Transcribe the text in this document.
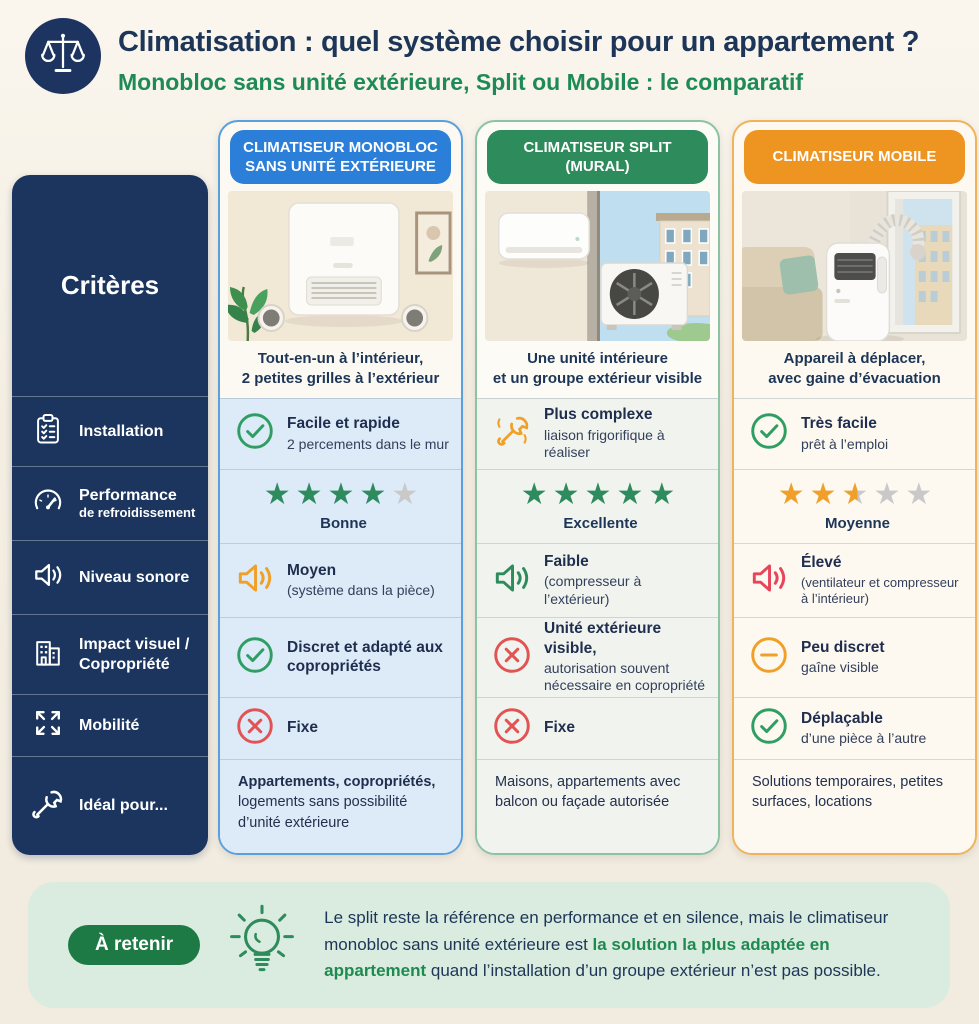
Climatisation : quel système choisir pour un appartement ?
Monobloc sans unité extérieure, Split ou Mobile : le comparatif
Critères
Installation
Performance
de refroidissement
Niveau sonore
Impact visuel /
Copropriété
Mobilité
Idéal pour...
CLIMATISEUR MONOBLOC
SANS UNITÉ EXTÉRIEURE
Tout-en-un à l’intérieur,
2 petites grilles à l’extérieur
Facile et rapide
2 percements dans le mur
★★★★★
Bonne
Moyen
(système dans la pièce)
Discret et adapté aux copropriétés
Fixe
Appartements, copropriétés, logements sans possibilité d’unité extérieure
CLIMATISEUR SPLIT
(MURAL)
Une unité intérieure
et un groupe extérieur visible
Plus complexe
liaison frigorifique à réaliser
★★★★★
Excellente
Faible
(compresseur à l’extérieur)
Unité extérieure visible,
autorisation souvent nécessaire en copropriété
Fixe
Maisons, appartements avec balcon ou façade autorisée
CLIMATISEUR MOBILE
Appareil à déplacer,
avec gaine d’évacuation
Très facile
prêt à l’emploi
★★★★★
Moyenne
Élevé
(ventilateur et compresseur à l’intérieur)
Peu discret
gaîne visible
Déplaçable
d’une pièce à l’autre
Solutions temporaires, petites surfaces, locations
À retenir
Le split reste la référence en performance et en silence, mais le climatiseur monobloc sans unité extérieure est la solution la plus adaptée en appartement quand l’installation d’un groupe extérieur n’est pas possible.
